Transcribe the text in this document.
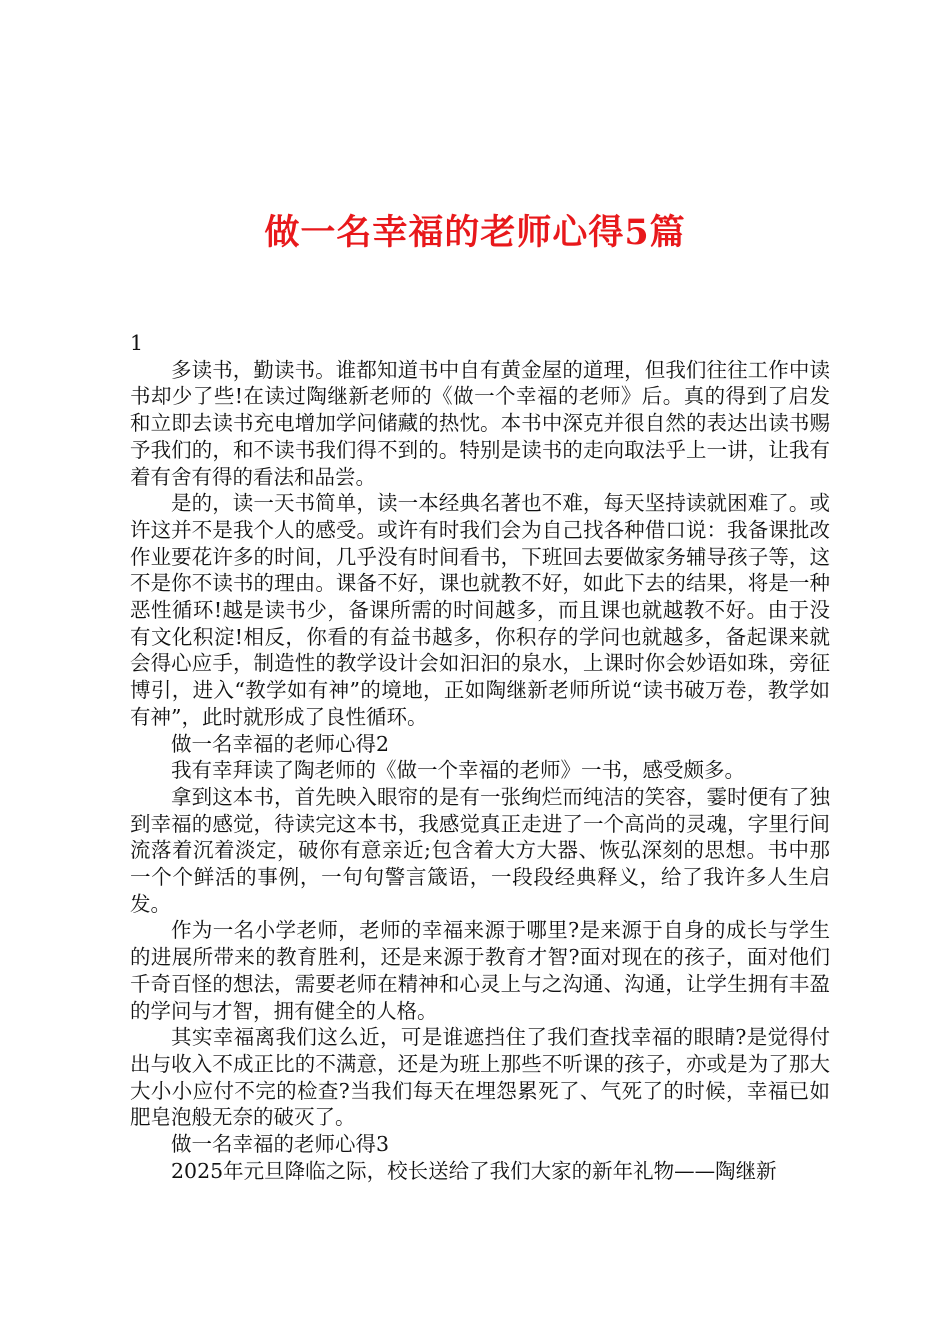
做一名幸福的老师心得5篇

1

多读书，勤读书。谁都知道书中自有黄金屋的道理，但我们往往工作中读书却少了些!在读过陶继新老师的《做一个幸福的老师》后。真的得到了启发和立即去读书充电增加学问储藏的热忱。本书中深克并很自然的表达出读书赐予我们的，和不读书我们得不到的。特别是读书的走向取法乎上一讲，让我有着有舍有得的看法和品尝。

是的，读一天书简单，读一本经典名著也不难，每天坚持读就困难了。或许这并不是我个人的感受。或许有时我们会为自己找各种借口说：我备课批改作业要花许多的时间，几乎没有时间看书，下班回去要做家务辅导孩子等，这不是你不读书的理由。课备不好，课也就教不好，如此下去的结果，将是一种恶性循环!越是读书少，备课所需的时间越多，而且课也就越教不好。由于没有文化积淀!相反，你看的有益书越多，你积存的学问也就越多，备起课来就会得心应手，制造性的教学设计会如汩汩的泉水，上课时你会妙语如珠，旁征博引，进入“教学如有神”的境地，正如陶继新老师所说“读书破万卷，教学如有神”，此时就形成了良性循环。

做一名幸福的老师心得2

我有幸拜读了陶老师的《做一个幸福的老师》一书，感受颇多。

拿到这本书，首先映入眼帘的是有一张绚烂而纯洁的笑容，霎时便有了独到幸福的感觉，待读完这本书，我感觉真正走进了一个高尚的灵魂，字里行间流落着沉着淡定，破你有意亲近;包含着大方大器、恢弘深刻的思想。书中那一个个鲜活的事例，一句句警言箴语，一段段经典释义，给了我许多人生启发。

作为一名小学老师，老师的幸福来源于哪里?是来源于自身的成长与学生的进展所带来的教育胜利，还是来源于教育才智?面对现在的孩子，面对他们千奇百怪的想法，需要老师在精神和心灵上与之沟通、沟通，让学生拥有丰盈的学问与才智，拥有健全的人格。

其实幸福离我们这么近，可是谁遮挡住了我们查找幸福的眼睛?是觉得付出与收入不成正比的不满意，还是为班上那些不听课的孩子，亦或是为了那大大小小应付不完的检查?当我们每天在埋怨累死了、气死了的时候，幸福已如肥皂泡般无奈的破灭了。

做一名幸福的老师心得3

2025年元旦降临之际，校长送给了我们大家的新年礼物——陶继新
